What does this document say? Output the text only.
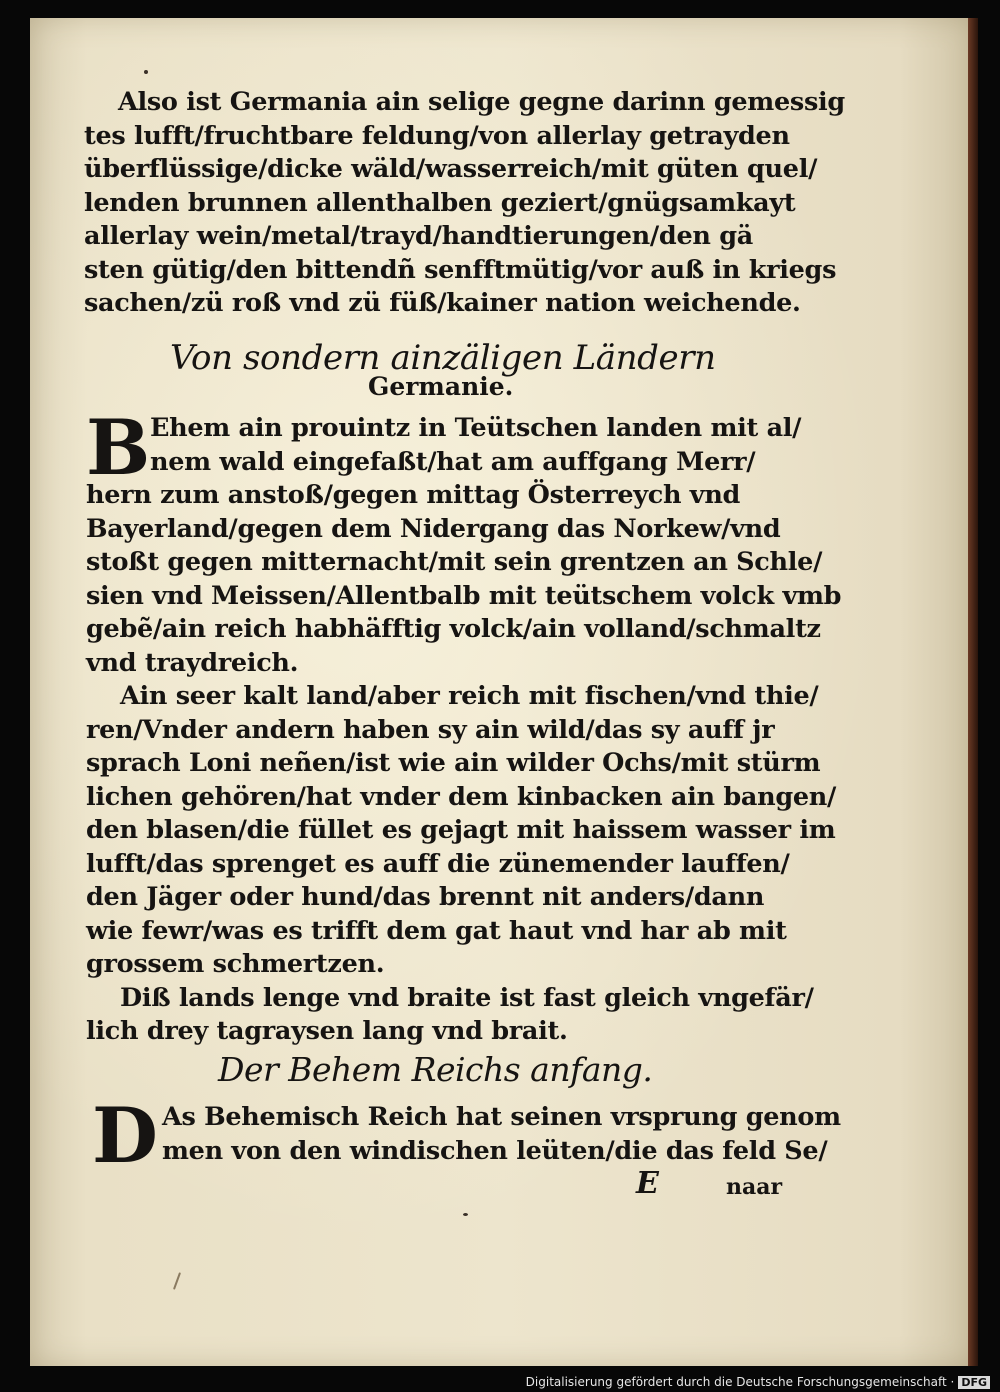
Also ist Germania ain selige gegne darinn gemessig
tes lufft/fruchtbare feldung/von allerlay getrayden
überflüssige/dicke wäld/wasserreich/mit güten quel/
lenden brunnen allenthalben geziert/gnügsamkayt
allerlay wein/metal/trayd/handtierungen/den gä
sten gütig/den bittendñ senfftmütig/vor auß in kriegs
sachen/zü roß vnd zü füß/kainer nation weichende.
Von sondern ainzäligen Ländern
Germanie.
B Ehem ain prouintz in Teütschen landen mit al/
nem wald eingefaßt/hat am auffgang Merr/
hern zum anstoß/gegen mittag Österreych vnd
Bayerland/gegen dem Nidergang das Norkew/vnd
stoßt gegen mitternacht/mit sein grentzen an Schle/
sien vnd Meissen/Allentbalb mit teütschem volck vmb
gebẽ/ain reich habhäfftig volck/ain volland/schmaltz
vnd traydreich.
Ain seer kalt land/aber reich mit fischen/vnd thie/
ren/Vnder andern haben sy ain wild/das sy auff jr
sprach Loni neñen/ist wie ain wilder Ochs/mit stürm
lichen gehören/hat vnder dem kinbacken ain bangen/
den blasen/die füllet es gejagt mit haissem wasser im
lufft/das sprenget es auff die zünemender lauffen/
den Jäger oder hund/das brennt nit anders/dann
wie fewr/was es trifft dem gat haut vnd har ab mit
grossem schmertzen.
Diß lands lenge vnd braite ist fast gleich vngefär/
lich drey tagraysen lang vnd brait.
Der Behem Reichs anfang.
D As Behemisch Reich hat seinen vrsprung genom
men von den windischen leüten/die das feld Se/
E	naar
Digitalisierung gefördert durch die Deutsche Forschungsgemeinschaft · DFG
